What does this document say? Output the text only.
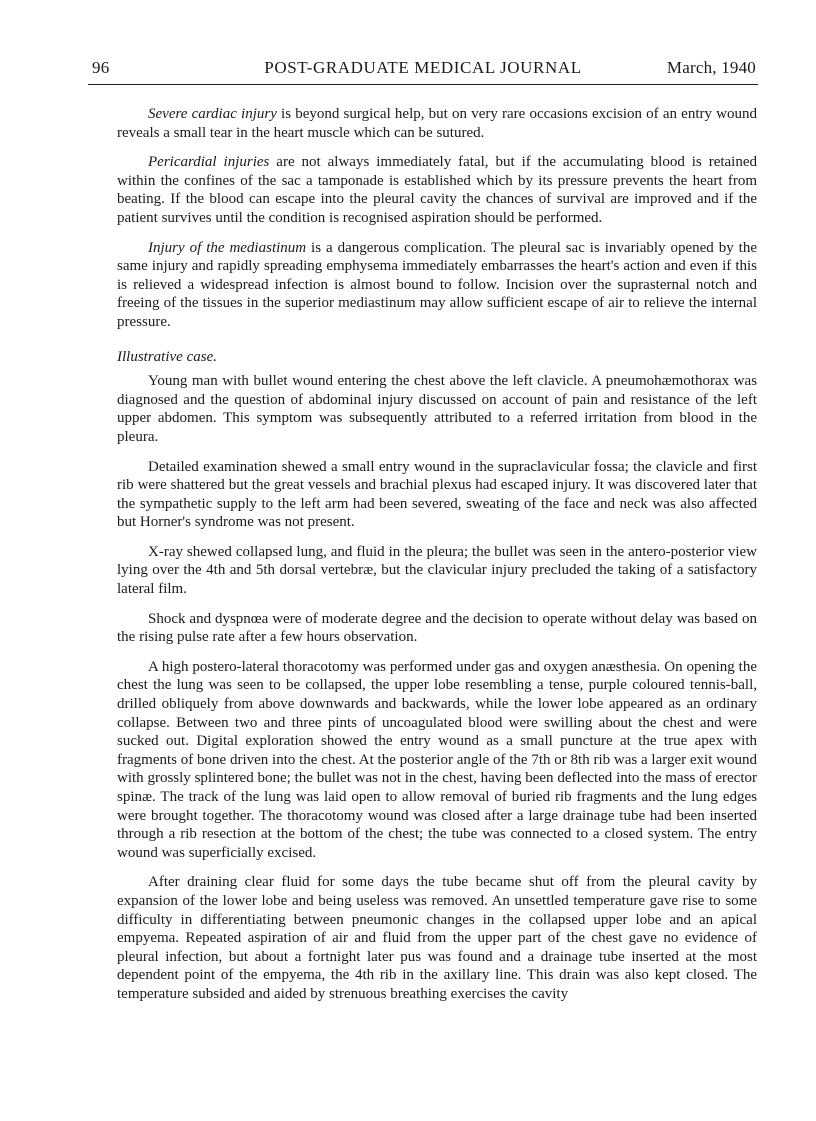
96	POST-GRADUATE MEDICAL JOURNAL	March, 1940

Severe cardiac injury is beyond surgical help, but on very rare occasions excision of an entry wound reveals a small tear in the heart muscle which can be sutured.

Pericardial injuries are not always immediately fatal, but if the accumulating blood is retained within the confines of the sac a tamponade is established which by its pressure prevents the heart from beating. If the blood can escape into the pleural cavity the chances of survival are improved and if the patient survives until the condition is recognised aspiration should be performed.

Injury of the mediastinum is a dangerous complication. The pleural sac is invariably opened by the same injury and rapidly spreading emphysema immediately embarrasses the heart's action and even if this is relieved a widespread infection is almost bound to follow. Incision over the suprasternal notch and freeing of the tissues in the superior mediastinum may allow sufficient escape of air to relieve the internal pressure.

Illustrative case.

Young man with bullet wound entering the chest above the left clavicle. A pneumohæmothorax was diagnosed and the question of abdominal injury discussed on account of pain and resistance of the left upper abdomen. This symptom was subsequently attributed to a referred irritation from blood in the pleura.

Detailed examination shewed a small entry wound in the supraclavicular fossa; the clavicle and first rib were shattered but the great vessels and brachial plexus had escaped injury. It was discovered later that the sympathetic supply to the left arm had been severed, sweating of the face and neck was also affected but Horner's syndrome was not present.

X-ray shewed collapsed lung, and fluid in the pleura; the bullet was seen in the antero-posterior view lying over the 4th and 5th dorsal vertebræ, but the clavicular injury precluded the taking of a satisfactory lateral film.

Shock and dyspnœa were of moderate degree and the decision to operate without delay was based on the rising pulse rate after a few hours observation.

A high postero-lateral thoracotomy was performed under gas and oxygen anæsthesia. On opening the chest the lung was seen to be collapsed, the upper lobe resembling a tense, purple coloured tennis-ball, drilled obliquely from above downwards and backwards, while the lower lobe appeared as an ordinary collapse. Between two and three pints of uncoagulated blood were swilling about the chest and were sucked out. Digital exploration showed the entry wound as a small puncture at the true apex with fragments of bone driven into the chest. At the posterior angle of the 7th or 8th rib was a larger exit wound with grossly splintered bone; the bullet was not in the chest, having been deflected into the mass of erector spinæ. The track of the lung was laid open to allow removal of buried rib fragments and the lung edges were brought together. The thoracotomy wound was closed after a large drainage tube had been inserted through a rib resection at the bottom of the chest; the tube was connected to a closed system. The entry wound was superficially excised.

After draining clear fluid for some days the tube became shut off from the pleural cavity by expansion of the lower lobe and being useless was removed. An unsettled temperature gave rise to some difficulty in differentiating between pneumonic changes in the collapsed upper lobe and an apical empyema. Repeated aspiration of air and fluid from the upper part of the chest gave no evidence of pleural infection, but about a fortnight later pus was found and a drainage tube inserted at the most dependent point of the empyema, the 4th rib in the axillary line. This drain was also kept closed. The temperature subsided and aided by strenuous breathing exercises the cavity
